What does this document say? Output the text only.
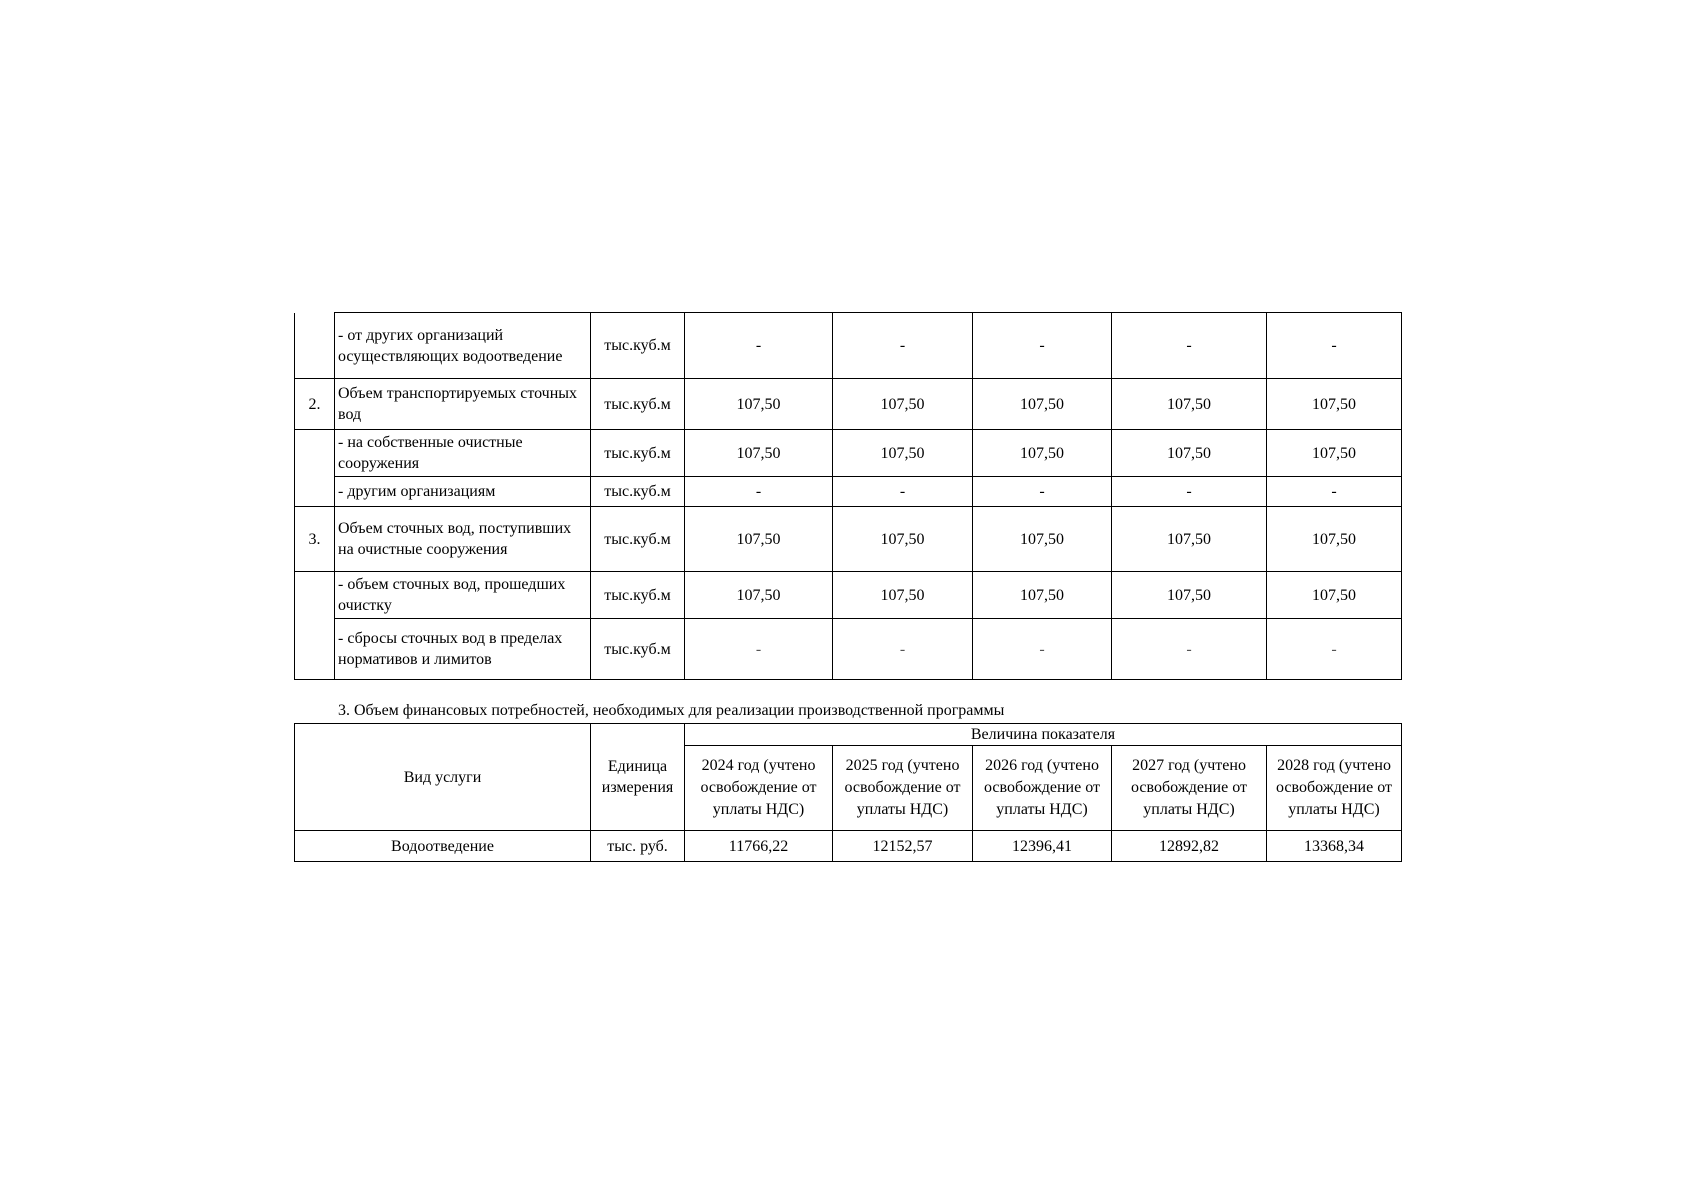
	- от других организаций осуществляющих водоотведение	тыс.куб.м	-	-	-	-	-
2.	Объем транспортируемых сточных вод	тыс.куб.м	107,50	107,50	107,50	107,50	107,50
	- на собственные очистные сооружения	тыс.куб.м	107,50	107,50	107,50	107,50	107,50
	- другим организациям	тыс.куб.м	-	-	-	-	-
3.	Объем сточных вод, поступивших на очистные сооружения	тыс.куб.м	107,50	107,50	107,50	107,50	107,50
	- объем сточных вод, прошедших очистку	тыс.куб.м	107,50	107,50	107,50	107,50	107,50
	- сбросы сточных вод в пределах нормативов и лимитов	тыс.куб.м	-	-	-	-	-
3. Объем финансовых потребностей, необходимых для реализации производственной программы
Вид услуги	Единица измерения	Величина показателя				
		2024 год (учтено освобождение от уплаты НДС)	2025 год (учтено освобождение от уплаты НДС)	2026 год (учтено освобождение от уплаты НДС)	2027 год (учтено освобождение от уплаты НДС)	2028 год (учтено освобождение от уплаты НДС)
Водоотведение	тыс. руб.	11766,22	12152,57	12396,41	12892,82	13368,34
